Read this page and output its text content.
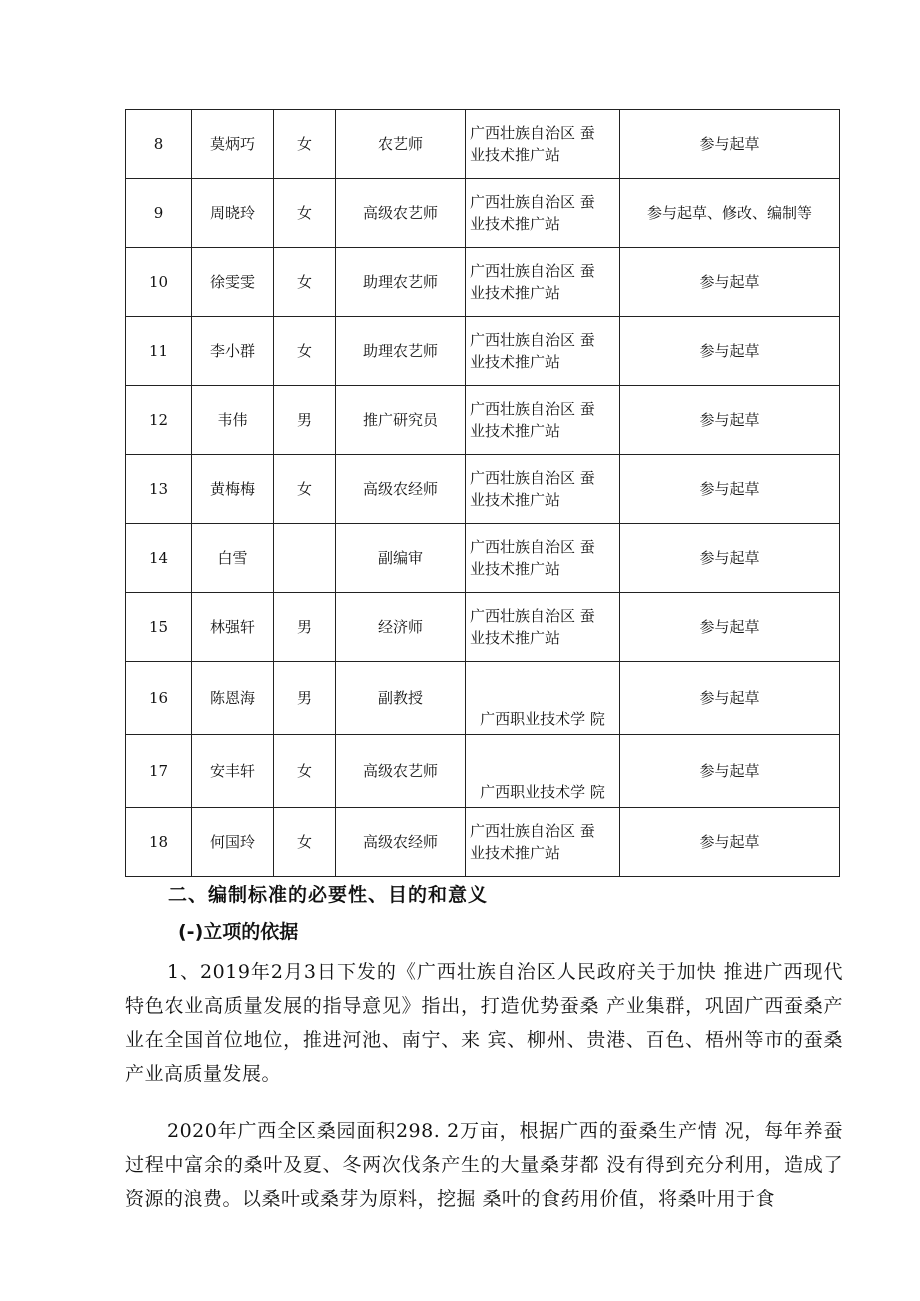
8	莫炳巧	女	农艺师	广西壮族自治区 蚕
业技术推广站	参与起草
9	周晓玲	女	高级农艺师	广西壮族自治区 蚕
业技术推广站	参与起草、修改、编制等
10	徐雯雯	女	助理农艺师	广西壮族自治区 蚕
业技术推广站	参与起草
11	李小群	女	助理农艺师	广西壮族自治区 蚕
业技术推广站	参与起草
12	韦伟	男	推广研究员	广西壮族自治区 蚕
业技术推广站	参与起草
13	黄梅梅	女	高级农经师	广西壮族自治区 蚕
业技术推广站	参与起草
14	白雪		副编审	广西壮族自治区 蚕
业技术推广站	参与起草
15	林强轩	男	经济师	广西壮族自治区 蚕
业技术推广站	参与起草
16	陈恩海	男	副教授	广西职业技术学 院	参与起草
17	安丰轩	女	高级农艺师	广西职业技术学 院	参与起草
18	何国玲	女	高级农经师	广西壮族自治区 蚕
业技术推广站	参与起草
二、编制标准的必要性、目的和意义
(-)立项的依据
1、2019年2月3日下发的《广西壮族自治区人民政府关于加快 推进广西现代特色农业高质量发展的指导意见》指出，打造优势蚕桑 产业集群，巩固广西蚕桑产业在全国首位地位，推进河池、南宁、来 宾、柳州、贵港、百色、梧州等市的蚕桑产业高质量发展。
2020年广西全区桑园面积298. 2万亩，根据广西的蚕桑生产情 况，每年养蚕过程中富余的桑叶及夏、冬两次伐条产生的大量桑芽都 没有得到充分利用，造成了资源的浪费。以桑叶或桑芽为原料，挖掘 桑叶的食药用价值，将桑叶用于食
